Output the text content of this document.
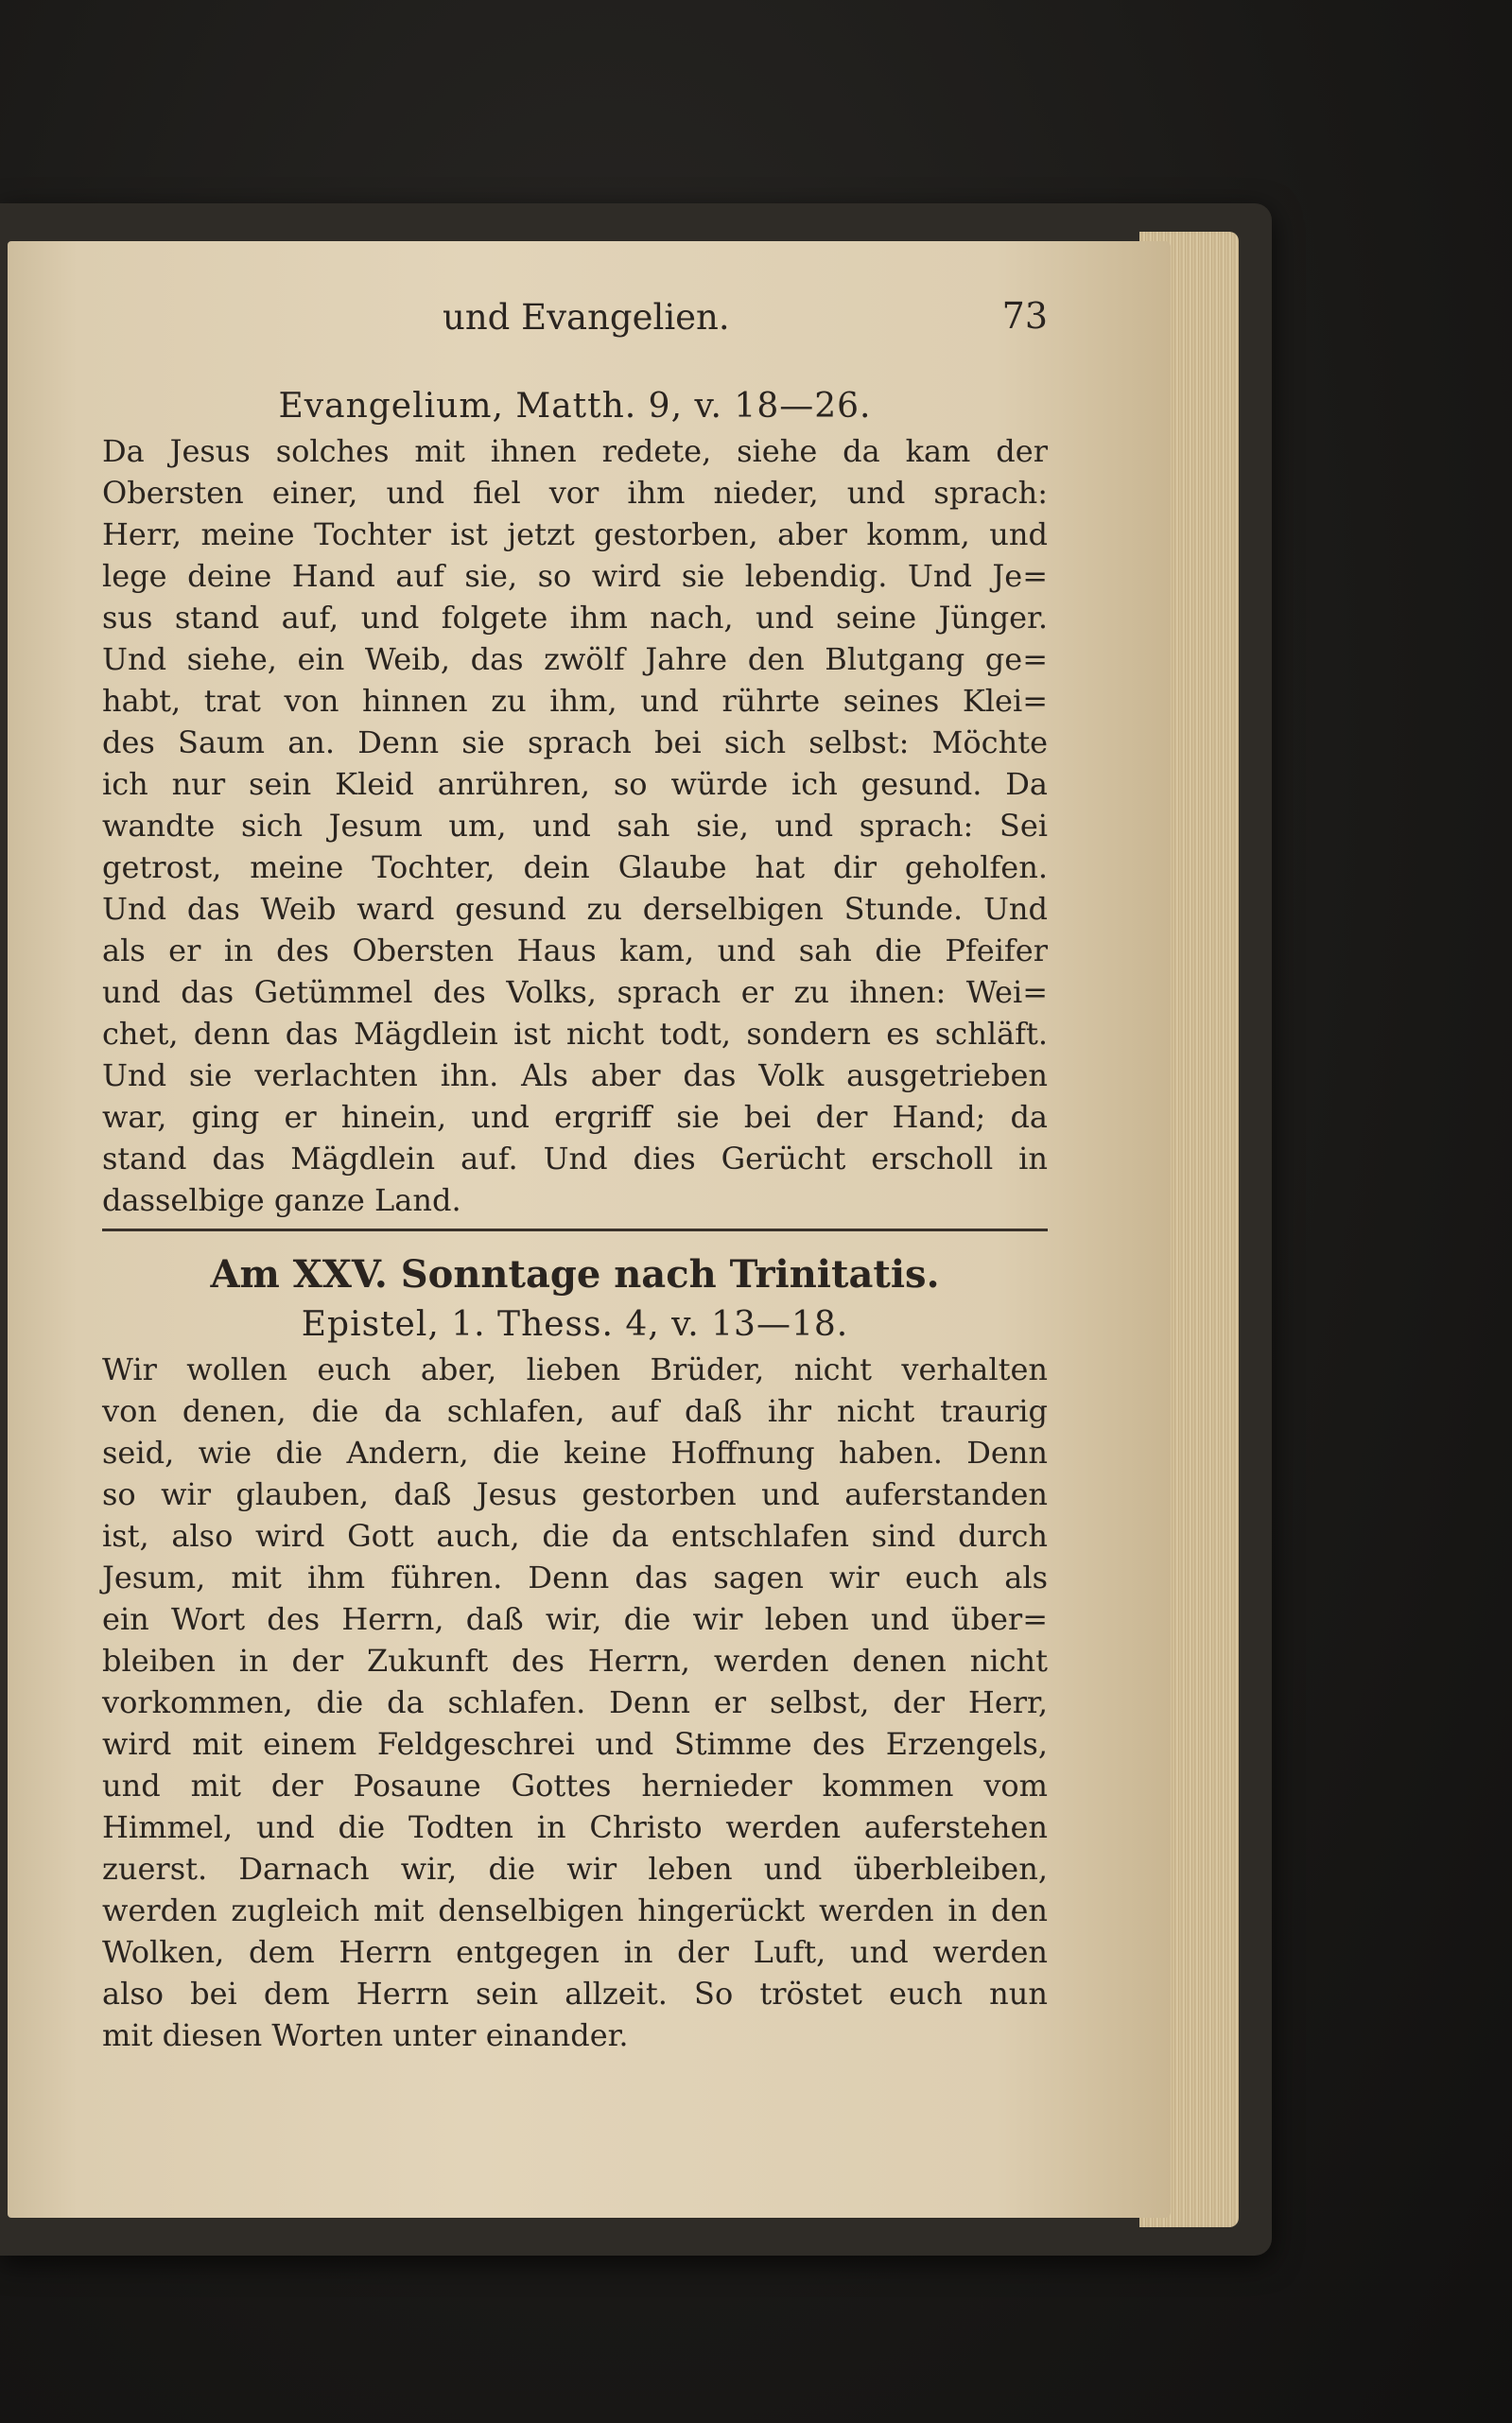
und Evangelien.	73
Evangelium, Matth. 9, v. 18—26.
Da Jesus solches mit ihnen redete, siehe da kam der
Obersten einer, und fiel vor ihm nieder, und sprach:
Herr, meine Tochter ist jetzt gestorben, aber komm, und
lege deine Hand auf sie, so wird sie lebendig. Und Je=
sus stand auf, und folgete ihm nach, und seine Jünger.
Und siehe, ein Weib, das zwölf Jahre den Blutgang ge=
habt, trat von hinnen zu ihm, und rührte seines Klei=
des Saum an. Denn sie sprach bei sich selbst: Möchte
ich nur sein Kleid anrühren, so würde ich gesund. Da
wandte sich Jesum um, und sah sie, und sprach: Sei
getrost, meine Tochter, dein Glaube hat dir geholfen.
Und das Weib ward gesund zu derselbigen Stunde. Und
als er in des Obersten Haus kam, und sah die Pfeifer
und das Getümmel des Volks, sprach er zu ihnen: Wei=
chet, denn das Mägdlein ist nicht todt, sondern es schläft.
Und sie verlachten ihn. Als aber das Volk ausgetrieben
war, ging er hinein, und ergriff sie bei der Hand; da
stand das Mägdlein auf. Und dies Gerücht erscholl in
dasselbige ganze Land.
Am XXV. Sonntage nach Trinitatis.
Epistel, 1. Thess. 4, v. 13—18.
Wir wollen euch aber, lieben Brüder, nicht verhalten
von denen, die da schlafen, auf daß ihr nicht traurig
seid, wie die Andern, die keine Hoffnung haben. Denn
so wir glauben, daß Jesus gestorben und auferstanden
ist, also wird Gott auch, die da entschlafen sind durch
Jesum, mit ihm führen. Denn das sagen wir euch als
ein Wort des Herrn, daß wir, die wir leben und über=
bleiben in der Zukunft des Herrn, werden denen nicht
vorkommen, die da schlafen. Denn er selbst, der Herr,
wird mit einem Feldgeschrei und Stimme des Erzengels,
und mit der Posaune Gottes hernieder kommen vom
Himmel, und die Todten in Christo werden auferstehen
zuerst. Darnach wir, die wir leben und überbleiben,
werden zugleich mit denselbigen hingerückt werden in den
Wolken, dem Herrn entgegen in der Luft, und werden
also bei dem Herrn sein allzeit. So tröstet euch nun
mit diesen Worten unter einander.
